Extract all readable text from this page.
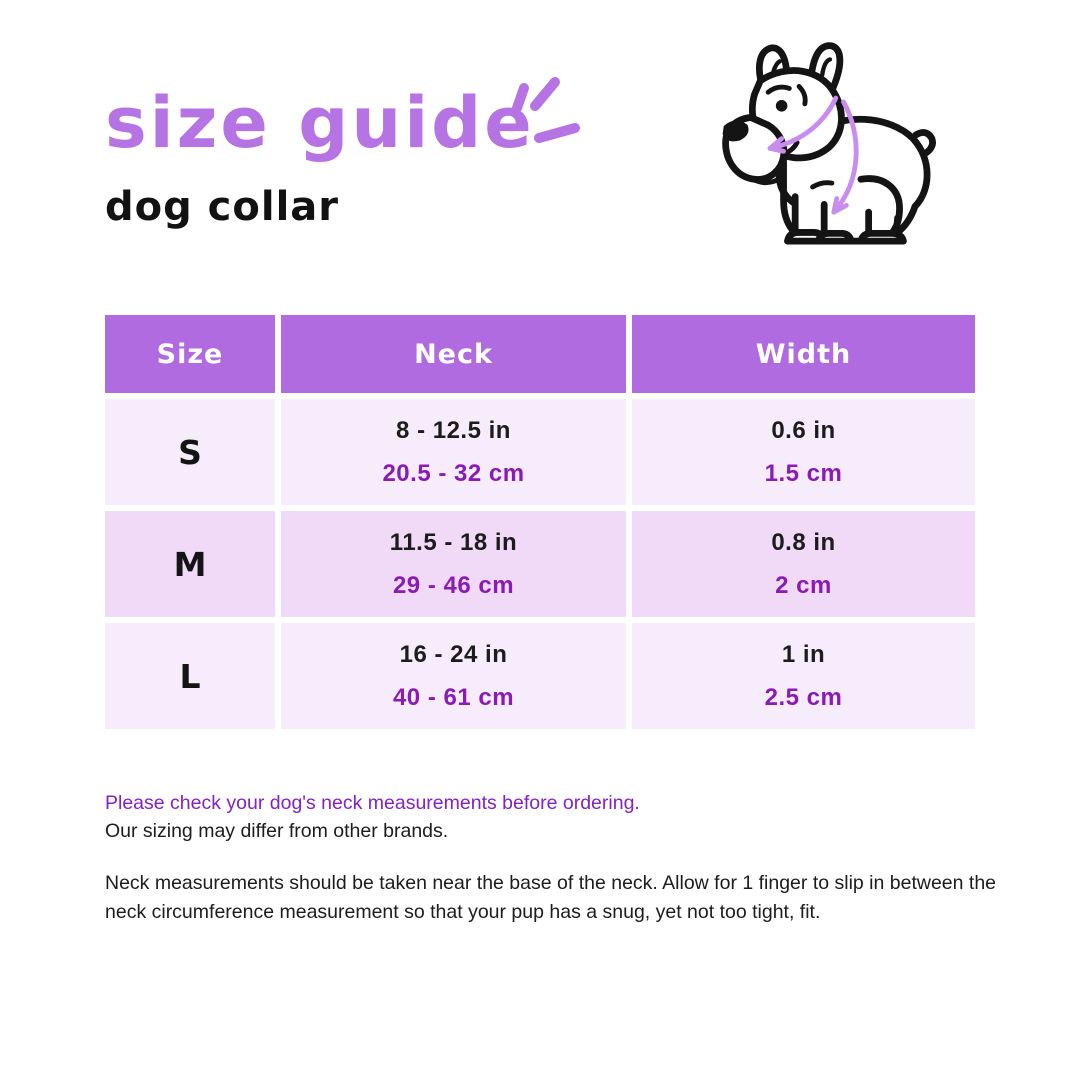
size guide
dog collar
Size	Neck	Width
S
8 - 12.5 in
20.5 - 32 cm
0.6 in
1.5 cm
M
11.5 - 18 in
29 - 46 cm
0.8 in
2 cm
L
16 - 24 in
40 - 61 cm
1 in
2.5 cm
Please check your dog's neck measurements before ordering.
Our sizing may differ from other brands.
Neck measurements should be taken near the base of the neck. Allow for 1 finger to slip in between the neck circumference measurement so that your pup has a snug, yet not too tight, fit.
